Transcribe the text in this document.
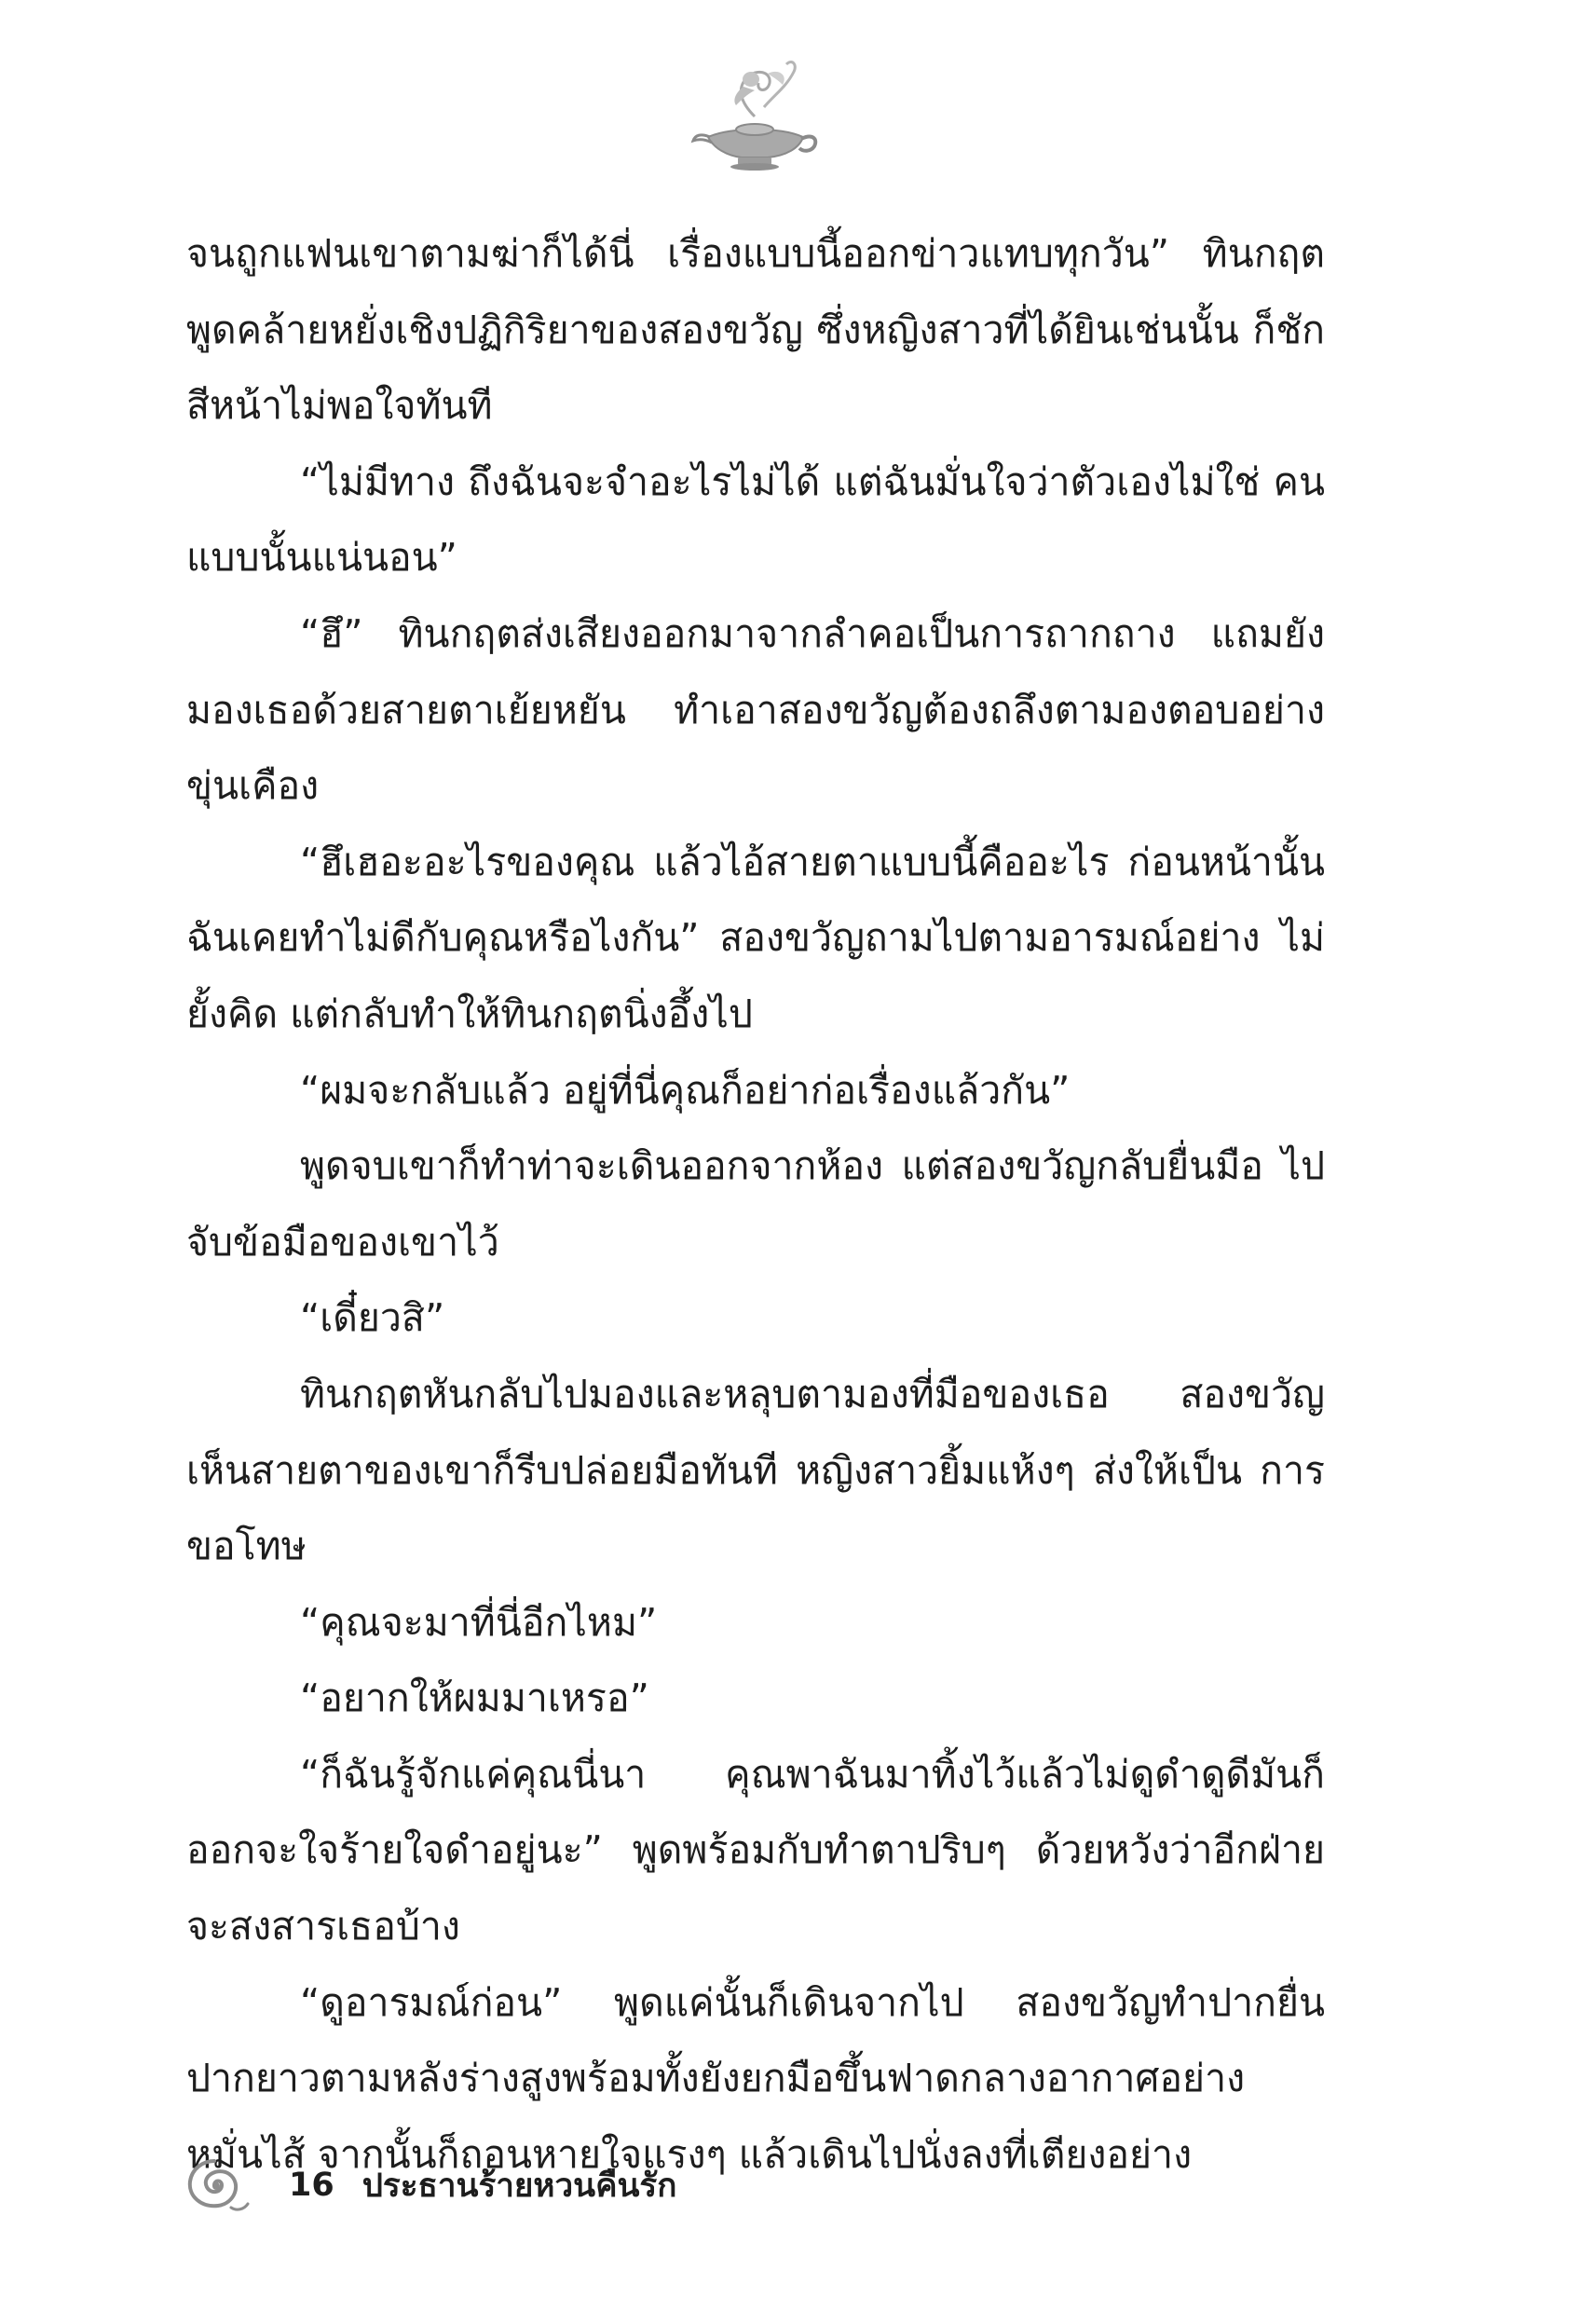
จนถูกแฟนเขาตามฆ่าก็ได้นี่ เรื่องแบบนี้ออกข่าวแทบทุกวัน” ทินกฤต พูดคล้ายหยั่งเชิงปฏิกิริยาของสองขวัญ ซึ่งหญิงสาวที่ได้ยินเช่นนั้น ก็ชักสีหน้าไม่พอใจทันที

“ไม่มีทาง ถึงฉันจะจำอะไรไม่ได้ แต่ฉันมั่นใจว่าตัวเองไม่ใช่ คนแบบนั้นแน่นอน”

“ฮึ” ทินกฤตส่งเสียงออกมาจากลำคอเป็นการถากถาง แถมยัง มองเธอด้วยสายตาเย้ยหยัน ทำเอาสองขวัญต้องถลึงตามองตอบอย่าง ขุ่นเคือง

“ฮึเฮอะอะไรของคุณ แล้วไอ้สายตาแบบนี้คืออะไร ก่อนหน้านั้น ฉันเคยทำไม่ดีกับคุณหรือไงกัน” สองขวัญถามไปตามอารมณ์อย่าง ไม่ยั้งคิด แต่กลับทำให้ทินกฤตนิ่งอึ้งไป

“ผมจะกลับแล้ว อยู่ที่นี่คุณก็อย่าก่อเรื่องแล้วกัน”

พูดจบเขาก็ทำท่าจะเดินออกจากห้อง แต่สองขวัญกลับยื่นมือ ไปจับข้อมือของเขาไว้

“เดี๋ยวสิ”

ทินกฤตหันกลับไปมองและหลุบตามองที่มือของเธอ สองขวัญ เห็นสายตาของเขาก็รีบปล่อยมือทันที หญิงสาวยิ้มแห้งๆ ส่งให้เป็น การขอโทษ

“คุณจะมาที่นี่อีกไหม”

“อยากให้ผมมาเหรอ”

“ก็ฉันรู้จักแค่คุณนี่นา คุณพาฉันมาทิ้งไว้แล้วไม่ดูดำดูดีมันก็ ออกจะใจร้ายใจดำอยู่นะ” พูดพร้อมกับทำตาปริบๆ ด้วยหวังว่าอีกฝ่าย จะสงสารเธอบ้าง

“ดูอารมณ์ก่อน” พูดแค่นั้นก็เดินจากไป สองขวัญทำปากยื่น ปากยาวตามหลังร่างสูงพร้อมทั้งยังยกมือขึ้นฟาดกลางอากาศอย่าง หมั่นไส้ จากนั้นก็ถอนหายใจแรงๆ แล้วเดินไปนั่งลงที่เตียงอย่าง

16 ประธานร้ายหวนคืนรัก
